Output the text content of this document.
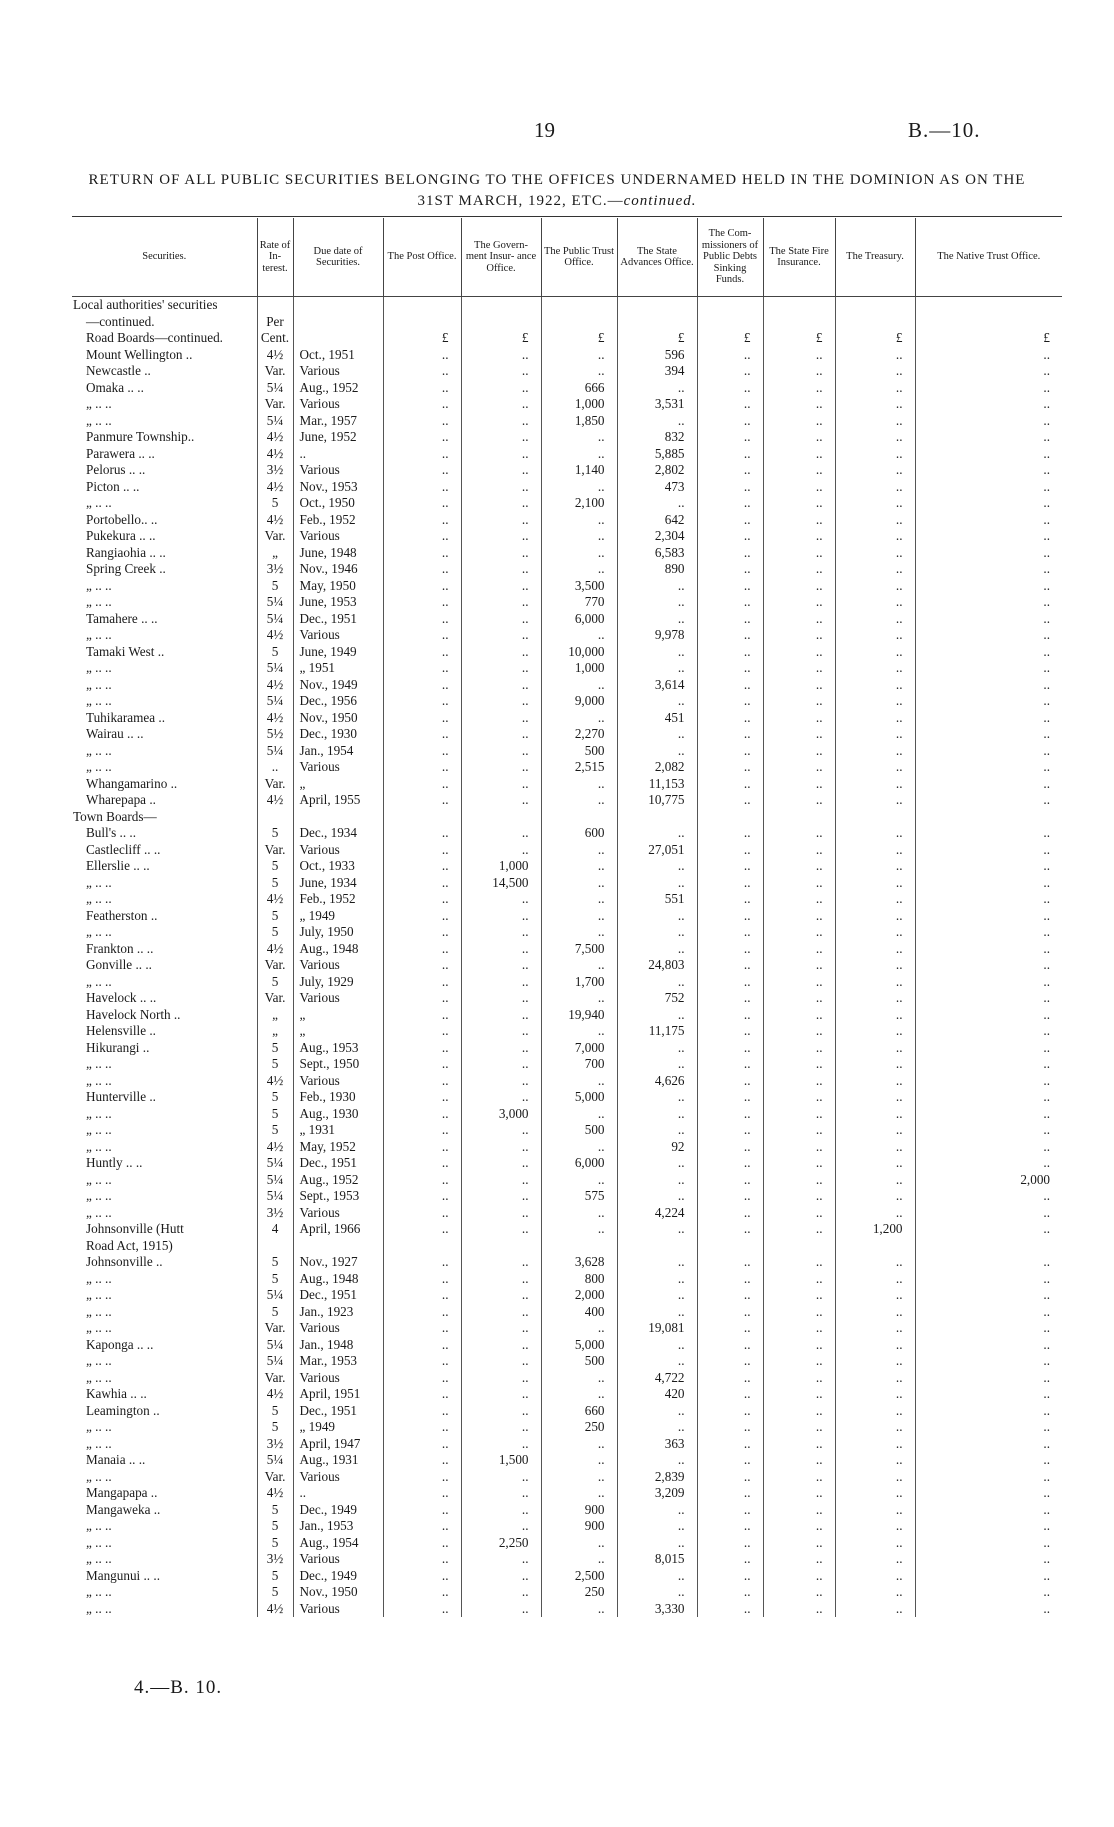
19	B.—10.
RETURN OF ALL PUBLIC SECURITIES BELONGING TO THE OFFICES UNDERNAMED HELD IN THE DOMINION AS ON THE
31ST MARCH, 1922, ETC.—continued.
Securities.	Rate of In- terest.	Due date of Securities.	The Post Office.	The Govern- ment Insur- ance Office.	The Public Trust Office.	The State Advances Office.	The Com- missioners of Public Debts Sinking Funds.	The State Fire Insurance.	The Treasury.	The Native Trust Office.
Local authorities' securities										
—continued.	Per									
Road Boards—continued.	Cent.		£	£	£	£	£	£	£	£
Mount Wellington ..	4½	Oct., 1951	..	..	..	596	..	..	..	..
Newcastle ..	Var.	Various	..	..	..	394	..	..	..	..
Omaka .. ..	5¼	Aug., 1952	..	..	666	..	..	..	..	..
„ .. ..	Var.	Various	..	..	1,000	3,531	..	..	..	..
„ .. ..	5¼	Mar., 1957	..	..	1,850	..	..	..	..	..
Panmure Township..	4½	June, 1952	..	..	..	832	..	..	..	..
Parawera .. ..	4½	..	..	..	..	5,885	..	..	..	..
Pelorus .. ..	3½	Various	..	..	1,140	2,802	..	..	..	..
Picton .. ..	4½	Nov., 1953	..	..	..	473	..	..	..	..
„ .. ..	5	Oct., 1950	..	..	2,100	..	..	..	..	..
Portobello.. ..	4½	Feb., 1952	..	..	..	642	..	..	..	..
Pukekura .. ..	Var.	Various	..	..	..	2,304	..	..	..	..
Rangiaohia .. ..	„	June, 1948	..	..	..	6,583	..	..	..	..
Spring Creek ..	3½	Nov., 1946	..	..	..	890	..	..	..	..
„ .. ..	5	May, 1950	..	..	3,500	..	..	..	..	..
„ .. ..	5¼	June, 1953	..	..	770	..	..	..	..	..
Tamahere .. ..	5¼	Dec., 1951	..	..	6,000	..	..	..	..	..
„ .. ..	4½	Various	..	..	..	9,978	..	..	..	..
Tamaki West ..	5	June, 1949	..	..	10,000	..	..	..	..	..
„ .. ..	5¼	„ 1951	..	..	1,000	..	..	..	..	..
„ .. ..	4½	Nov., 1949	..	..	..	3,614	..	..	..	..
„ .. ..	5¼	Dec., 1956	..	..	9,000	..	..	..	..	..
Tuhikaramea ..	4½	Nov., 1950	..	..	..	451	..	..	..	..
Wairau .. ..	5½	Dec., 1930	..	..	2,270	..	..	..	..	..
„ .. ..	5¼	Jan., 1954	..	..	500	..	..	..	..	..
„ .. ..	..	Various	..	..	2,515	2,082	..	..	..	..
Whangamarino ..	Var.	„	..	..	..	11,153	..	..	..	..
Wharepapa ..	4½	April, 1955	..	..	..	10,775	..	..	..	..
Town Boards—										
Bull's .. ..	5	Dec., 1934	..	..	600	..	..	..	..	..
Castlecliff .. ..	Var.	Various	..	..	..	27,051	..	..	..	..
Ellerslie .. ..	5	Oct., 1933	..	1,000	..	..	..	..	..	..
„ .. ..	5	June, 1934	..	14,500	..	..	..	..	..	..
„ .. ..	4½	Feb., 1952	..	..	..	551	..	..	..	..
Featherston ..	5	„ 1949	..	..	..	..	..	..	..	..
„ .. ..	5	July, 1950	..	..	..	..	..	..	..	..
Frankton .. ..	4½	Aug., 1948	..	..	7,500	..	..	..	..	..
Gonville .. ..	Var.	Various	..	..	..	24,803	..	..	..	..
„ .. ..	5	July, 1929	..	..	1,700	..	..	..	..	..
Havelock .. ..	Var.	Various	..	..	..	752	..	..	..	..
Havelock North ..	„	„	..	..	19,940	..	..	..	..	..
Helensville ..	„	„	..	..	..	11,175	..	..	..	..
Hikurangi ..	5	Aug., 1953	..	..	7,000	..	..	..	..	..
„ .. ..	5	Sept., 1950	..	..	700	..	..	..	..	..
„ .. ..	4½	Various	..	..	..	4,626	..	..	..	..
Hunterville ..	5	Feb., 1930	..	..	5,000	..	..	..	..	..
„ .. ..	5	Aug., 1930	..	3,000	..	..	..	..	..	..
„ .. ..	5	„ 1931	..	..	500	..	..	..	..	..
„ .. ..	4½	May, 1952	..	..	..	92	..	..	..	..
Huntly .. ..	5¼	Dec., 1951	..	..	6,000	..	..	..	..	..
„ .. ..	5¼	Aug., 1952	..	..	..	..	..	..	..	2,000
„ .. ..	5¼	Sept., 1953	..	..	575	..	..	..	..	..
„ .. ..	3½	Various	..	..	..	4,224	..	..	..	..
Johnsonville (Hutt	4	April, 1966	..	..	..	..	..	..	1,200	..
Road Act, 1915)										
Johnsonville ..	5	Nov., 1927	..	..	3,628	..	..	..	..	..
„ .. ..	5	Aug., 1948	..	..	800	..	..	..	..	..
„ .. ..	5¼	Dec., 1951	..	..	2,000	..	..	..	..	..
„ .. ..	5	Jan., 1923	..	..	400	..	..	..	..	..
„ .. ..	Var.	Various	..	..	..	19,081	..	..	..	..
Kaponga .. ..	5¼	Jan., 1948	..	..	5,000	..	..	..	..	..
„ .. ..	5¼	Mar., 1953	..	..	500	..	..	..	..	..
„ .. ..	Var.	Various	..	..	..	4,722	..	..	..	..
Kawhia .. ..	4½	April, 1951	..	..	..	420	..	..	..	..
Leamington ..	5	Dec., 1951	..	..	660	..	..	..	..	..
„ .. ..	5	„ 1949	..	..	250	..	..	..	..	..
„ .. ..	3½	April, 1947	..	..	..	363	..	..	..	..
Manaia .. ..	5¼	Aug., 1931	..	1,500	..	..	..	..	..	..
„ .. ..	Var.	Various	..	..	..	2,839	..	..	..	..
Mangapapa ..	4½	..	..	..	..	3,209	..	..	..	..
Mangaweka ..	5	Dec., 1949	..	..	900	..	..	..	..	..
„ .. ..	5	Jan., 1953	..	..	900	..	..	..	..	..
„ .. ..	5	Aug., 1954	..	2,250	..	..	..	..	..	..
„ .. ..	3½	Various	..	..	..	8,015	..	..	..	..
Mangunui .. ..	5	Dec., 1949	..	..	2,500	..	..	..	..	..
„ .. ..	5	Nov., 1950	..	..	250	..	..	..	..	..
„ .. ..	4½	Various	..	..	..	3,330	..	..	..	..
4.—B. 10.
